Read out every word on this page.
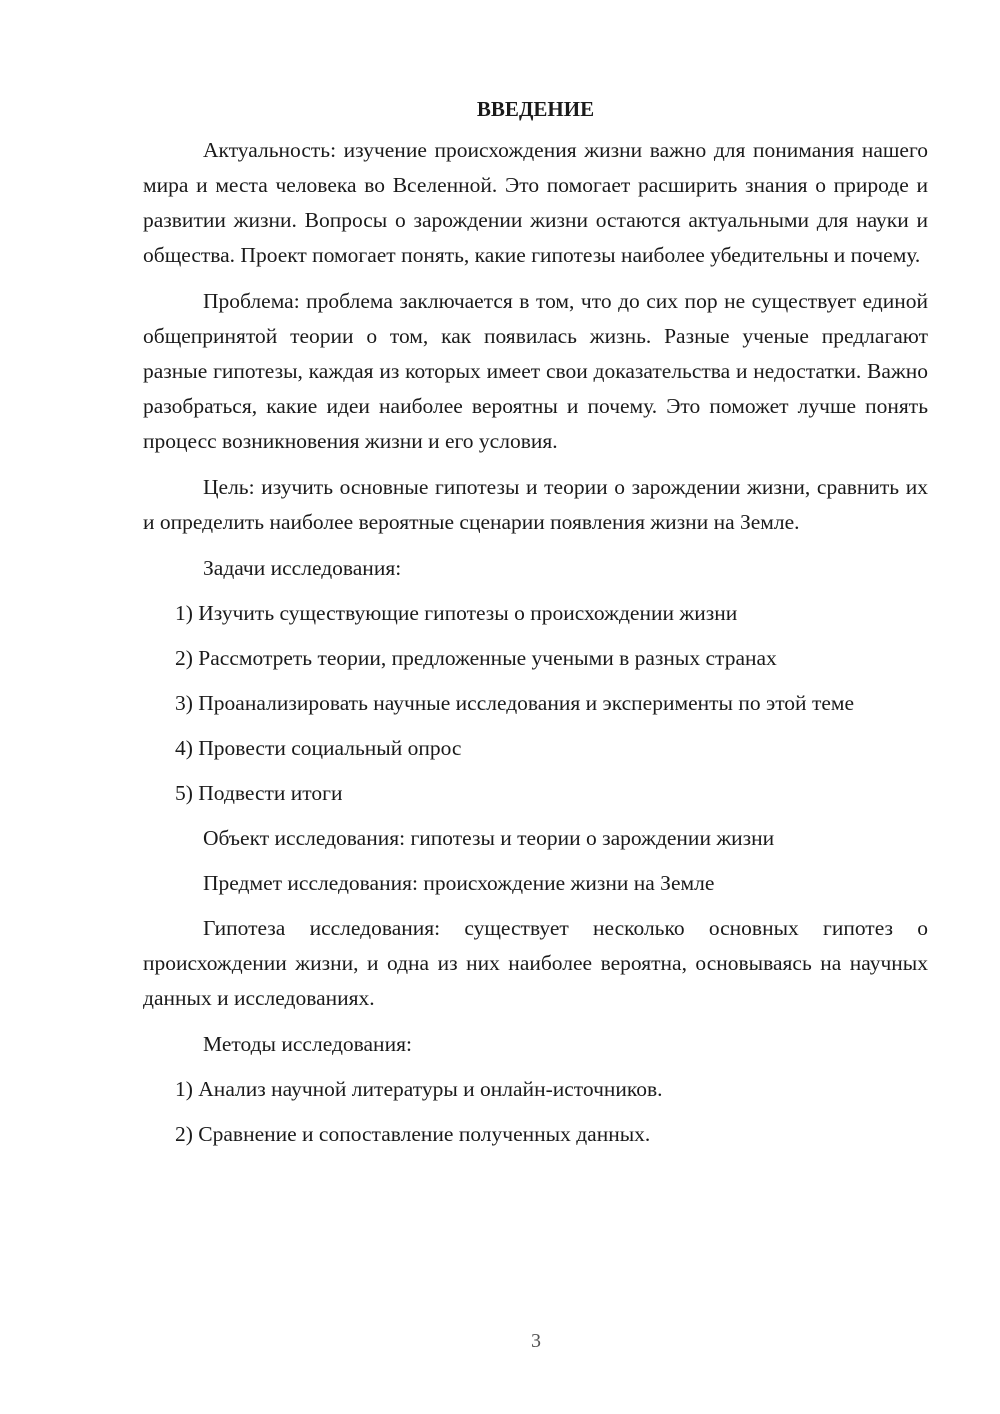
ВВЕДЕНИЕ

Актуальность: изучение происхождения жизни важно для понимания нашего мира и места человека во Вселенной. Это помогает расширить знания о природе и развитии жизни. Вопросы о зарождении жизни остаются актуальными для науки и общества. Проект помогает понять, какие гипотезы наиболее убедительны и почему.

Проблема: проблема заключается в том, что до сих пор не существует единой общепринятой теории о том, как появилась жизнь. Разные ученые предлагают разные гипотезы, каждая из которых имеет свои доказательства и недостатки. Важно разобраться, какие идеи наиболее вероятны и почему. Это поможет лучше понять процесс возникновения жизни и его условия.

Цель: изучить основные гипотезы и теории о зарождении жизни, сравнить их и определить наиболее вероятные сценарии появления жизни на Земле.

Задачи исследования:

1) Изучить существующие гипотезы о происхождении жизни

2) Рассмотреть теории, предложенные учеными в разных странах

3) Проанализировать научные исследования и эксперименты по этой теме

4) Провести социальный опрос

5) Подвести итоги

Объект исследования: гипотезы и теории о зарождении жизни

Предмет исследования: происхождение жизни на Земле

Гипотеза исследования: существует несколько основных гипотез о происхождении жизни, и одна из них наиболее вероятна, основываясь на научных данных и исследованиях.

Методы исследования:

1) Анализ научной литературы и онлайн-источников.

2) Сравнение и сопоставление полученных данных.

3
